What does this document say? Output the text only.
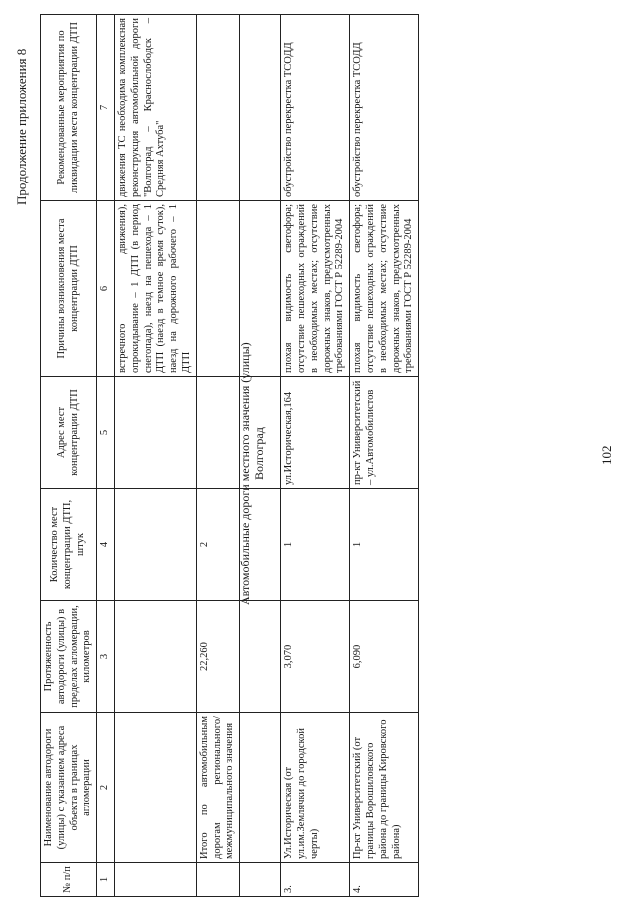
102
Продолжение приложения 8
Автомобильные дороги местного значения (улицы) Волгоград
№ п/п	Наименование автодороги (улицы) с указанием адреса объекта в границах агломерации	Протяженность автодороги (улицы) в пределах агломерации, километров	Количество мест концентрации ДТП, штук	Адрес мест концентрации ДТП	Причины возникновения места концентрации ДТП	Рекомендованные мероприятия по ликвидации места концентрации ДТП
1	2	3	4	5	6	7
					встречного движения), опрокидывание – 1 ДТП (в период снегопада), наезд на пешехода – 1 ДТП (наезд в темное время суток), наезд на дорожного рабочего – 1 ДТП	движения ТС необходима комплексная реконструкция автомобильной дороги "Волгоград – Краснослободск – Средняя Ахтуба"
	Итого по автомобильным дорогам регионального/межмуниципального значения	22,260	2			

3.	Ул.Историческая (от ул.им.Землячки до городской черты)	3,070	1	ул.Историческая,164	плохая видимость светофора; отсутствие пешеходных ограждений в необходимых местах; отсутствие дорожных знаков, предусмотренных требованиями ГОСТ Р 52289-2004	обустройство перекрестка ТСОДД
4.	Пр-кт Университетский (от границы Ворошиловского района до границы Кировского района)	6,090	1	пр-кт Университетский – ул.Автомобилистов	плохая видимость светофора; отсутствие пешеходных ограждений в необходимых местах; отсутствие дорожных знаков, предусмотренных требованиями ГОСТ Р 52289-2004	обустройство перекрестка ТСОДД
